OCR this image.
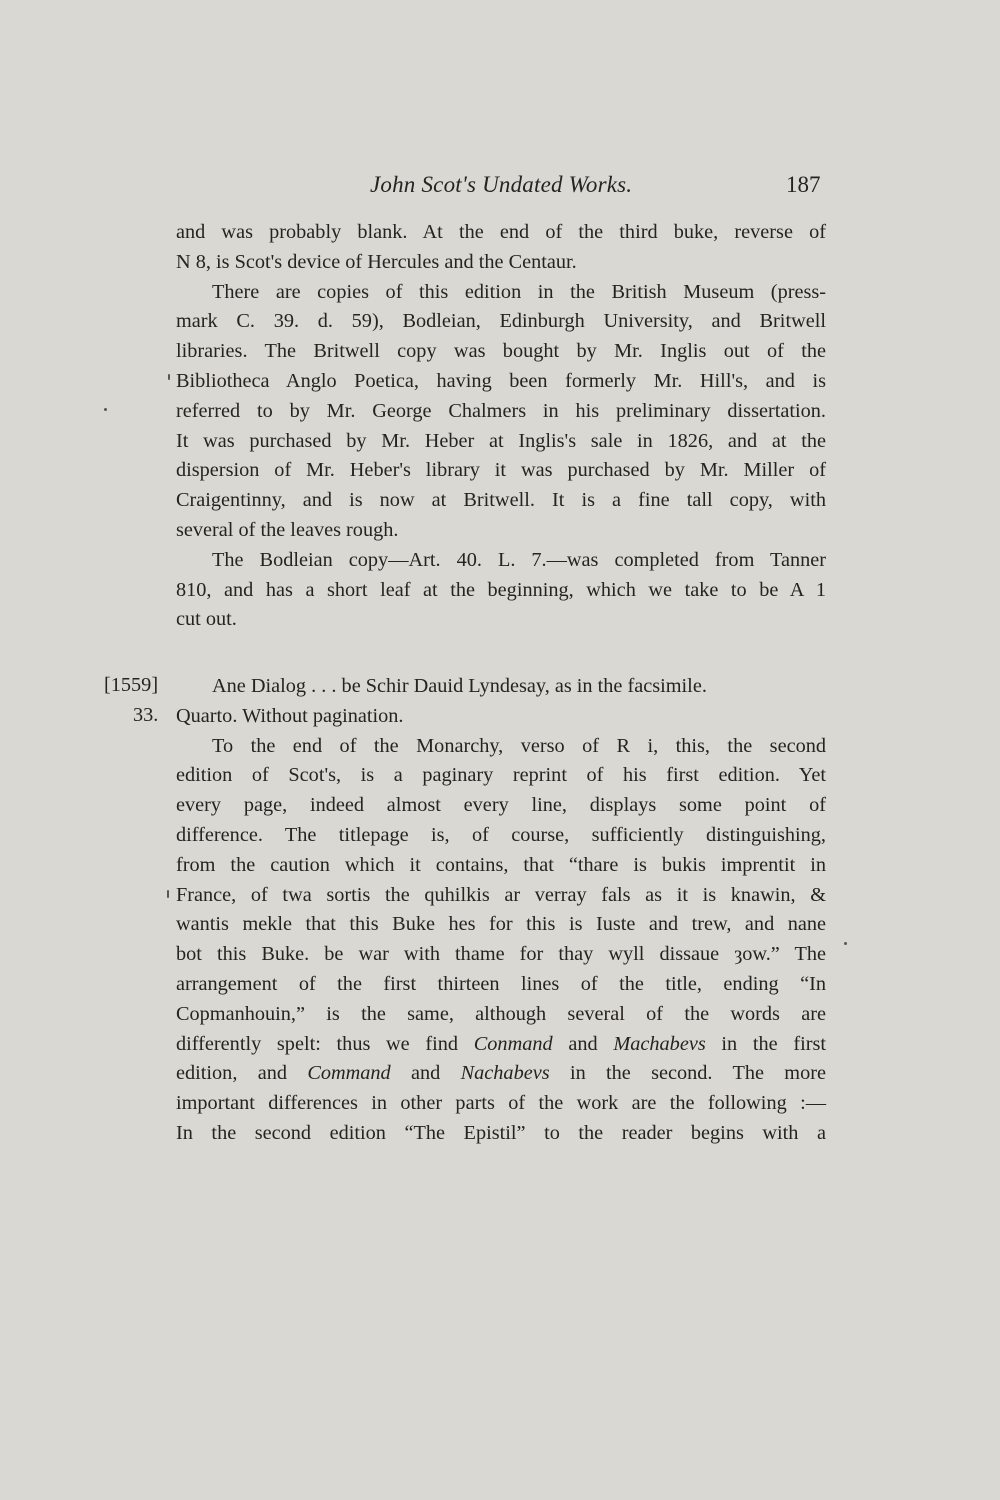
John Scot's Undated Works.	187
and was probably blank. At the end of the third buke, reverse of
N 8, is Scot's device of Hercules and the Centaur.
There are copies of this edition in the British Museum (press-
mark C. 39. d. 59), Bodleian, Edinburgh University, and Britwell
libraries. The Britwell copy was bought by Mr. Inglis out of the
Bibliotheca Anglo Poetica, having been formerly Mr. Hill's, and is
referred to by Mr. George Chalmers in his preliminary dissertation.
It was purchased by Mr. Heber at Inglis's sale in 1826, and at the
dispersion of Mr. Heber's library it was purchased by Mr. Miller of
Craigentinny, and is now at Britwell. It is a fine tall copy, with
several of the leaves rough.
The Bodleian copy—Art. 40. L. 7.—was completed from Tanner
810, and has a short leaf at the beginning, which we take to be A 1
cut out.
[1559]
33.
Ane Dialog . . . be Schir Dauid Lyndesay, as in the facsimile.
Quarto. Without pagination.
To the end of the Monarchy, verso of R i, this, the second
edition of Scot's, is a paginary reprint of his first edition. Yet
every page, indeed almost every line, displays some point of
difference. The titlepage is, of course, sufficiently distinguishing,
from the caution which it contains, that “thare is bukis imprentit in
France, of twa sortis the quhilkis ar verray fals as it is knawin, &
wantis mekle that this Buke hes for this is Iuste and trew, and nane
bot this Buke. be war with thame for thay wyll dissaue ȝow.” The
arrangement of the first thirteen lines of the title, ending “In
Copmanhouin,” is the same, although several of the words are
differently spelt: thus we find Conmand and Machabevs in the first
edition, and Command and Nachabevs in the second. The more
important differences in other parts of the work are the following :—
In the second edition “The Epistil” to the reader begins with a
